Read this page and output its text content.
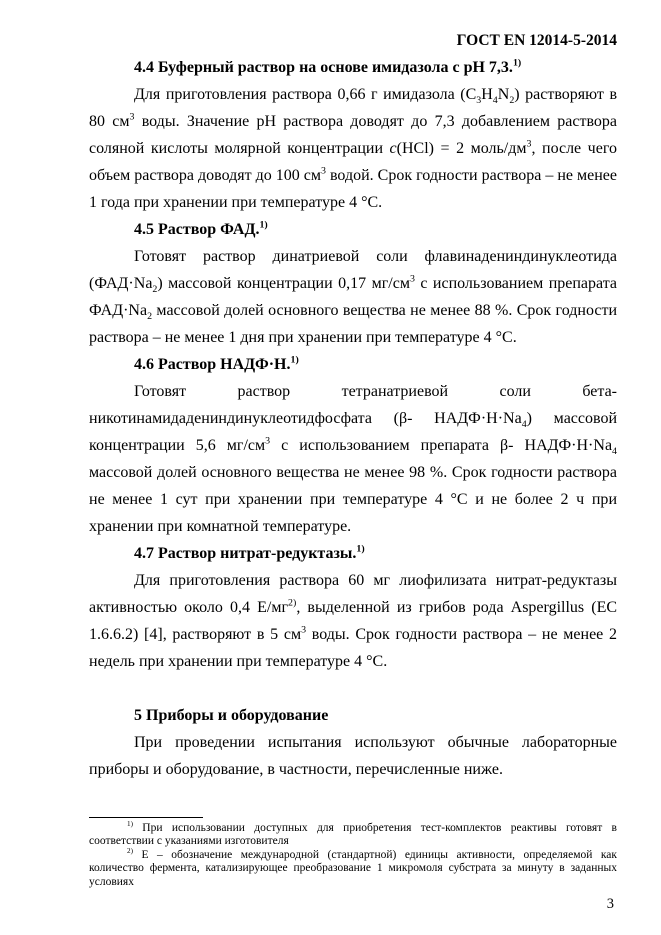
ГОСТ EN 12014-5-2014

4.4 Буферный раствор на основе имидазола с pH 7,3.$^{1)}$

Для приготовления раствора 0,66 г имидазола $(C_3H_4N_2)$ растворяют в 80 $см^3$ воды. Значение pH раствора доводят до 7,3 добавлением раствора соляной кислоты молярной концентрации c(HCl) = 2 моль/$дм^3$, после чего объем раствора доводят до 100 $см^3$ водой. Срок годности раствора – не менее 1 года при хранении при температуре 4 °C.

4.5 Раствор ФАД.$^{1)}$

Готовят раствор динатриевой соли флавинадениндинуклеотида $(ФАД\cdot Na_2)$ массовой концентрации 0,17 $мг/см^3$ с использованием препарата $ФАД\cdot Na_2$ массовой долей основного вещества не менее 88 %. Срок годности раствора – не менее 1 дня при хранении при температуре 4 °C.

4.6 Раствор НАДФ·Н.$^{1)}$

Готовят раствор тетранатриевой соли бета-никотинамидадениндинуклеотидфосфата (β- $НАДФ\cdot Н\cdot Na_4$) массовой концентрации 5,6 $мг/см^3$ с использованием препарата β- $НАДФ\cdot Н\cdot Na_4$ массовой долей основного вещества не менее 98 %. Срок годности раствора не менее 1 сут при хранении при температуре 4 °C и не более 2 ч при хранении при комнатной температуре.

4.7 Раствор нитрат-редуктазы.$^{1)}$

Для приготовления раствора 60 мг лиофилизата нитрат-редуктазы активностью около 0,4 $Е/мг^{2)}$, выделенной из грибов рода Aspergillus (EC 1.6.6.2) [4], растворяют в 5 $см^3$ воды. Срок годности раствора – не менее 2 недель при хранении при температуре 4 °C.

5 Приборы и оборудование

При проведении испытания используют обычные лабораторные приборы и оборудование, в частности, перечисленные ниже.

$^{1)}$ При использовании доступных для приобретения тест-комплектов реактивы готовят в соответствии с указаниями изготовителя

$^{2)}$ Е – обозначение международной (стандартной) единицы активности, определяемой как количество фермента, катализирующее преобразование 1 микромоля субстрата за минуту в заданных условиях

3
